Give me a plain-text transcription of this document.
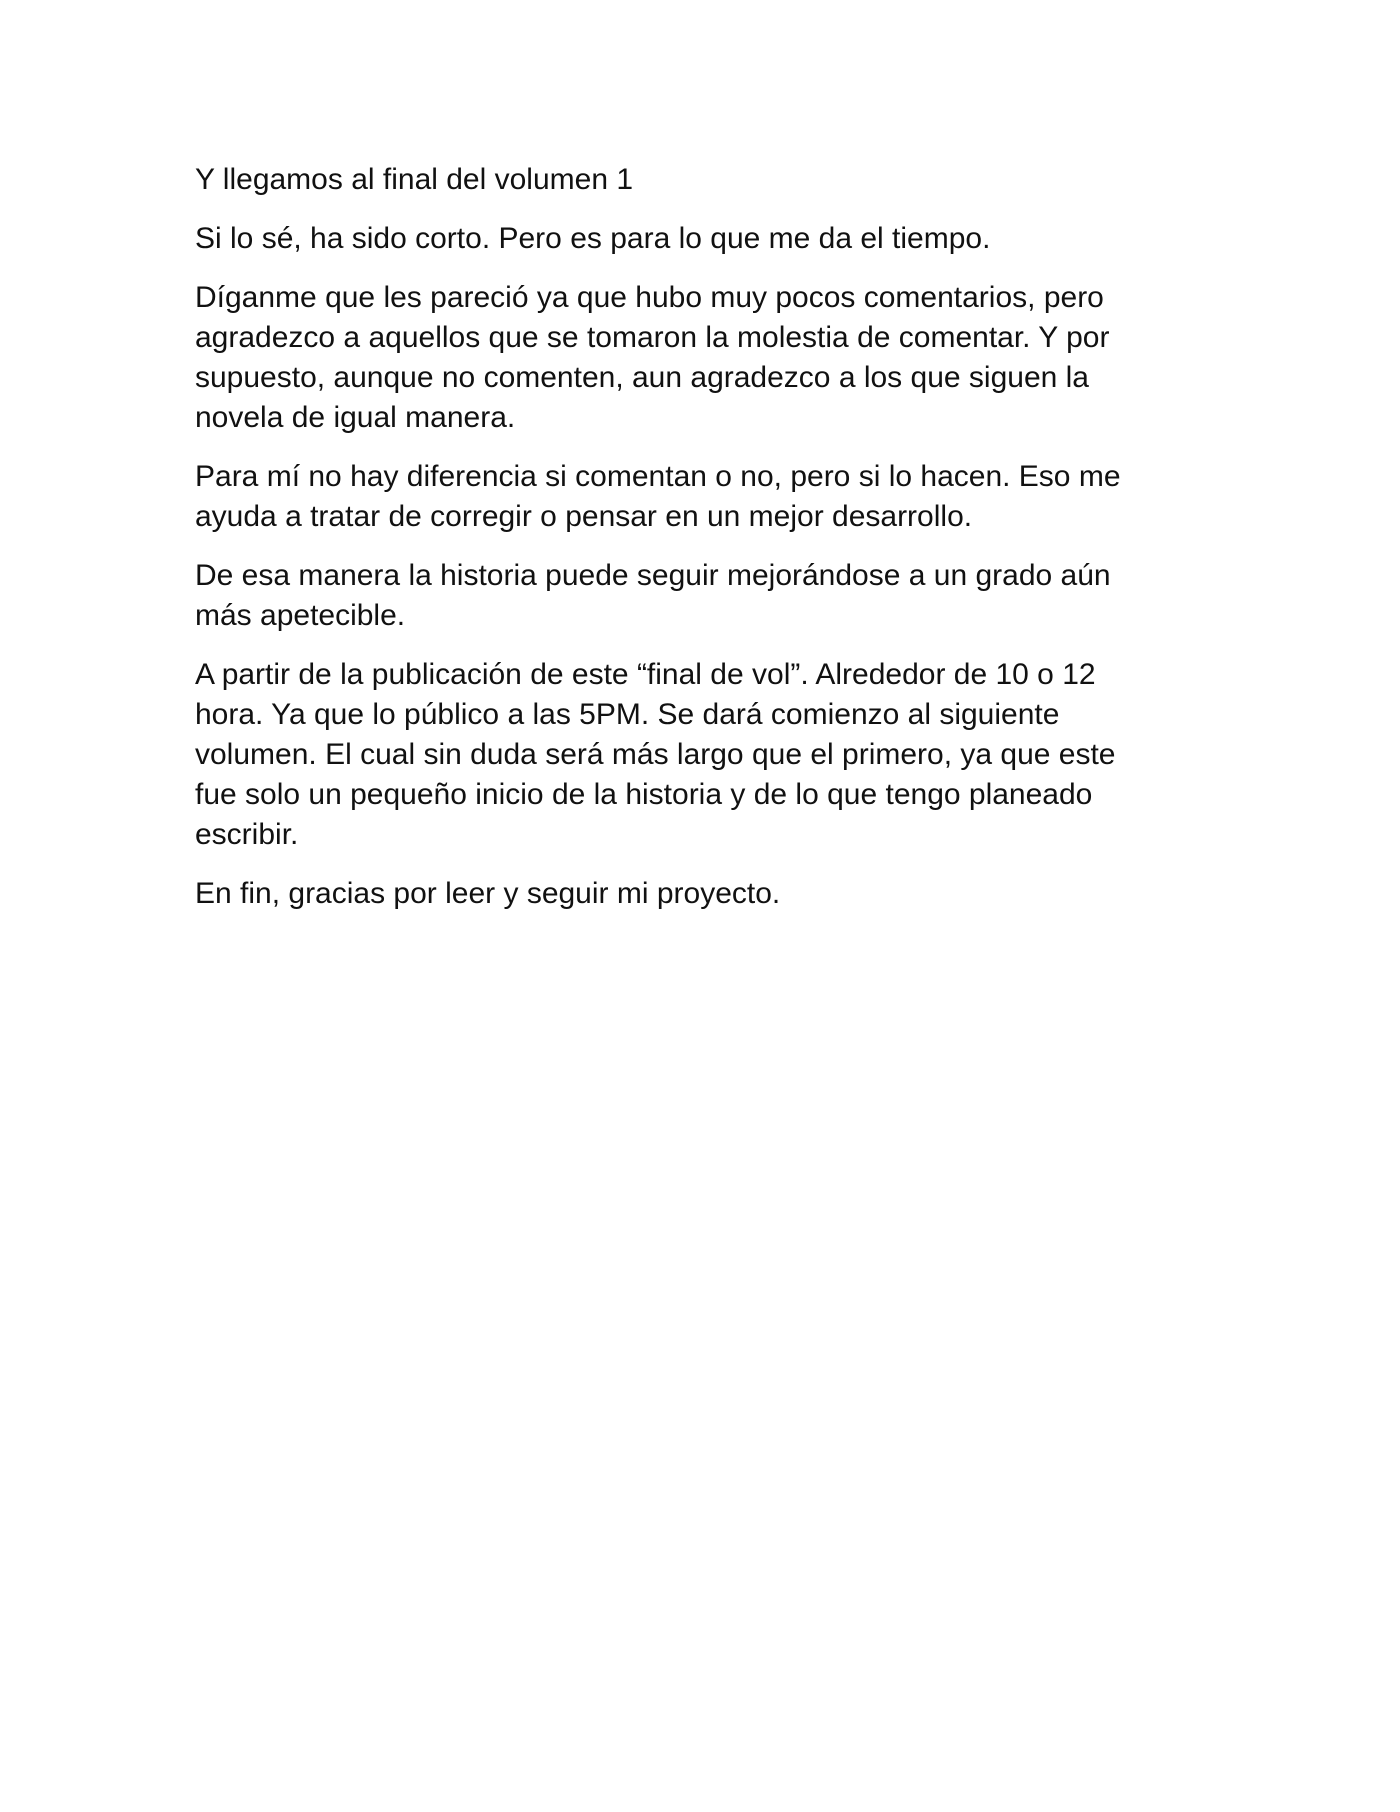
Y llegamos al final del volumen 1

Si lo sé, ha sido corto. Pero es para lo que me da el tiempo.

Díganme que les pareció ya que hubo muy pocos comentarios, pero
agradezco a aquellos que se tomaron la molestia de comentar. Y por
supuesto, aunque no comenten, aun agradezco a los que siguen la
novela de igual manera.

Para mí no hay diferencia si comentan o no, pero si lo hacen. Eso me
ayuda a tratar de corregir o pensar en un mejor desarrollo.

De esa manera la historia puede seguir mejorándose a un grado aún
más apetecible.

A partir de la publicación de este “final de vol”. Alrededor de 10 o 12
hora. Ya que lo público a las 5PM. Se dará comienzo al siguiente
volumen. El cual sin duda será más largo que el primero, ya que este
fue solo un pequeño inicio de la historia y de lo que tengo planeado
escribir.

En fin, gracias por leer y seguir mi proyecto.
